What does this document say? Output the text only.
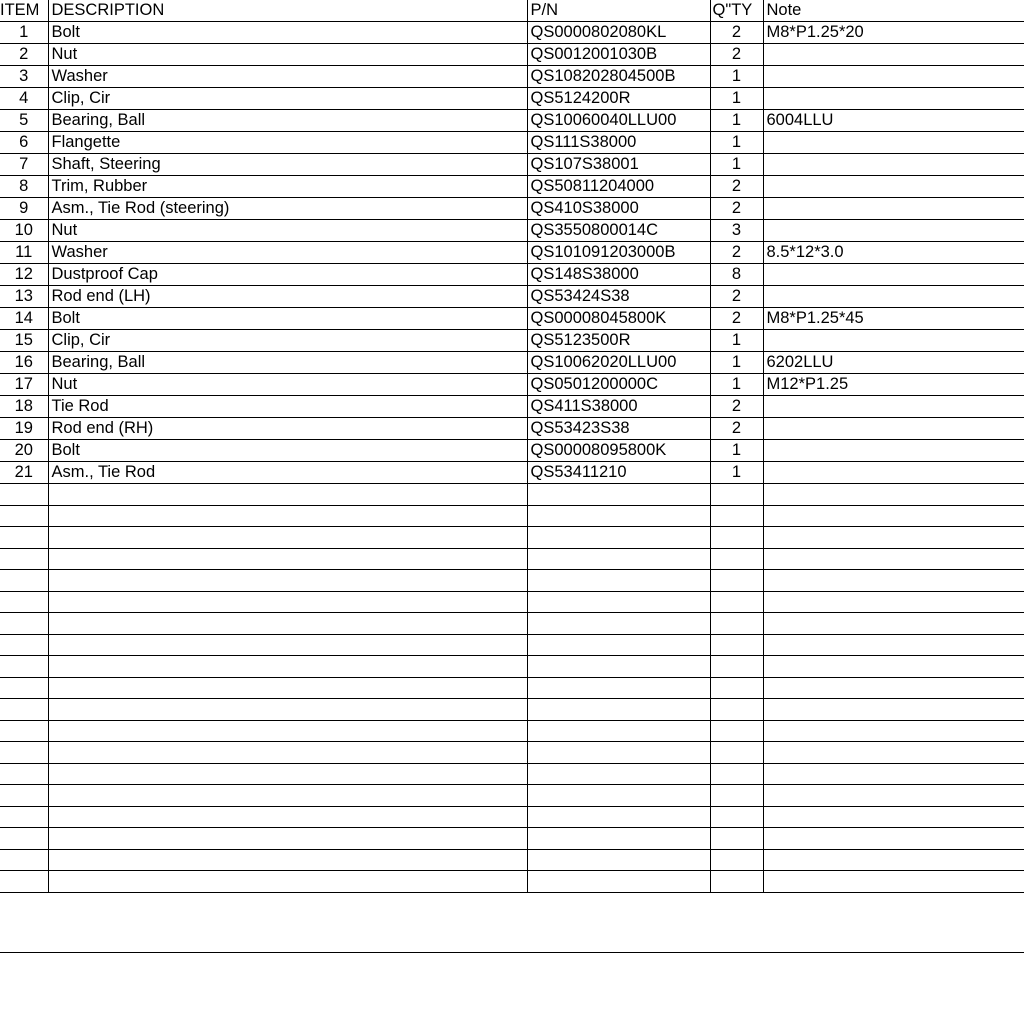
ITEM	DESCRIPTION	P/N	Q"TY	Note
1	Bolt	QS0000802080KL	2	M8*P1.25*20
2	Nut	QS0012001030B	2	
3	Washer	QS108202804500B	1	
4	Clip, Cir	QS5124200R	1	
5	Bearing, Ball	QS10060040LLU00	1	6004LLU
6	Flangette	QS111S38000	1	
7	Shaft, Steering	QS107S38001	1	
8	Trim, Rubber	QS50811204000	2	
9	Asm., Tie Rod (steering)	QS410S38000	2	
10	Nut	QS3550800014C	3	
11	Washer	QS101091203000B	2	8.5*12*3.0
12	Dustproof Cap	QS148S38000	8	
13	Rod end (LH)	QS53424S38	2	
14	Bolt	QS00008045800K	2	M8*P1.25*45
15	Clip, Cir	QS5123500R	1	
16	Bearing, Ball	QS10062020LLU00	1	6202LLU
17	Nut	QS0501200000C	1	M12*P1.25
18	Tie Rod	QS411S38000	2	
19	Rod end (RH)	QS53423S38	2	
20	Bolt	QS00008095800K	1	
21	Asm., Tie Rod	QS53411210	1	
